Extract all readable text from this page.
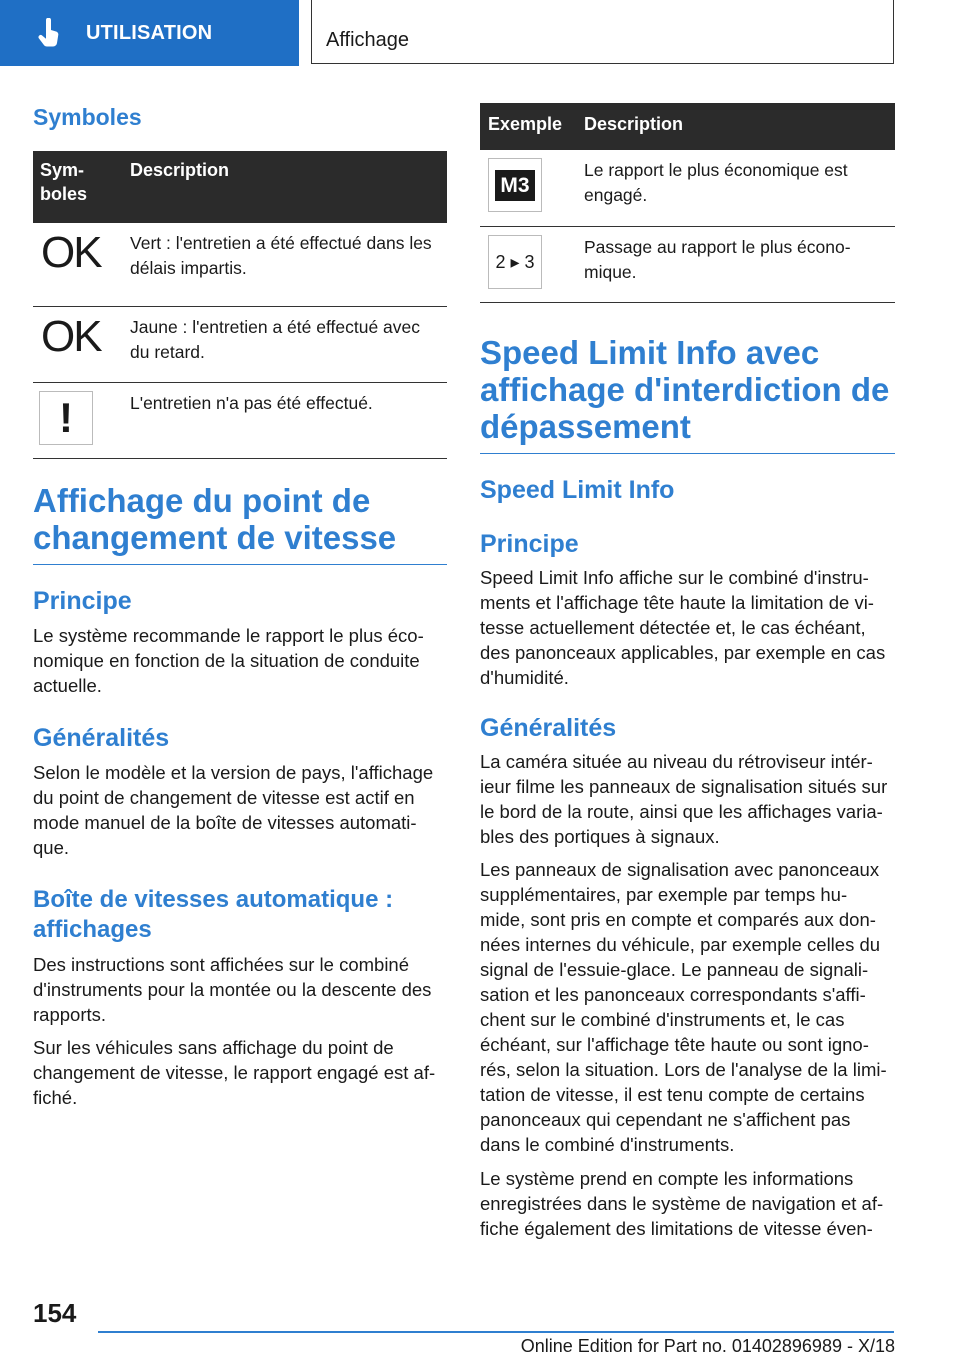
UTILISATION	Affichage
Symboles
Sym‐
boles	Description
OK	Vert : l'entretien a été effectué dans les délais impartis.
OK	Jaune : l'entretien a été effectué avec du retard.

!	L'entretien n'a pas été effectué.
Affichage du point de changement de vitesse
Principe

Le système recommande le rapport le plus éco‐ nomique en fonction de la situation de conduite actuelle.

Généralités

Selon le modèle et la version de pays, l'affichage du point de changement de vitesse est actif en mode manuel de la boîte de vitesses automati‐ que.

Boîte de vitesses automatique : affichages

Des instructions sont affichées sur le combiné d'instruments pour la montée ou la descente des rapports.

Sur les véhicules sans affichage du point de changement de vitesse, le rapport engagé est af‐ fiché.

Exemple	Description

M3	Le rapport le plus économique est engagé.

2 ▸ 3	Passage au rapport le plus écono‐ mique.
Speed Limit Info avec affichage d'interdiction de dépassement
Speed Limit Info
Principe

Speed Limit Info affiche sur le combiné d'instru‐ ments et l'affichage tête haute la limitation de vi‐ tesse actuellement détectée et, le cas échéant, des panonceaux applicables, par exemple en cas d'humidité.

Généralités

La caméra située au niveau du rétroviseur intér‐ ieur filme les panneaux de signalisation situés sur le bord de la route, ainsi que les affichages varia‐ bles des portiques à signaux.

Les panneaux de signalisation avec panonceaux supplémentaires, par exemple par temps hu‐ mide, sont pris en compte et comparés aux don‐ nées internes du véhicule, par exemple celles du signal de l'essuie-glace. Le panneau de signali‐ sation et les panonceaux correspondants s'affi‐ chent sur le combiné d'instruments et, le cas échéant, sur l'affichage tête haute ou sont igno‐ rés, selon la situation. Lors de l'analyse de la limi‐ tation de vitesse, il est tenu compte de certains panonceaux qui cependant ne s'affichent pas dans le combiné d'instruments.

Le système prend en compte les informations enregistrées dans le système de navigation et af‐ fiche également des limitations de vitesse éven‐

154
Online Edition for Part no. 01402896989 - X/18
